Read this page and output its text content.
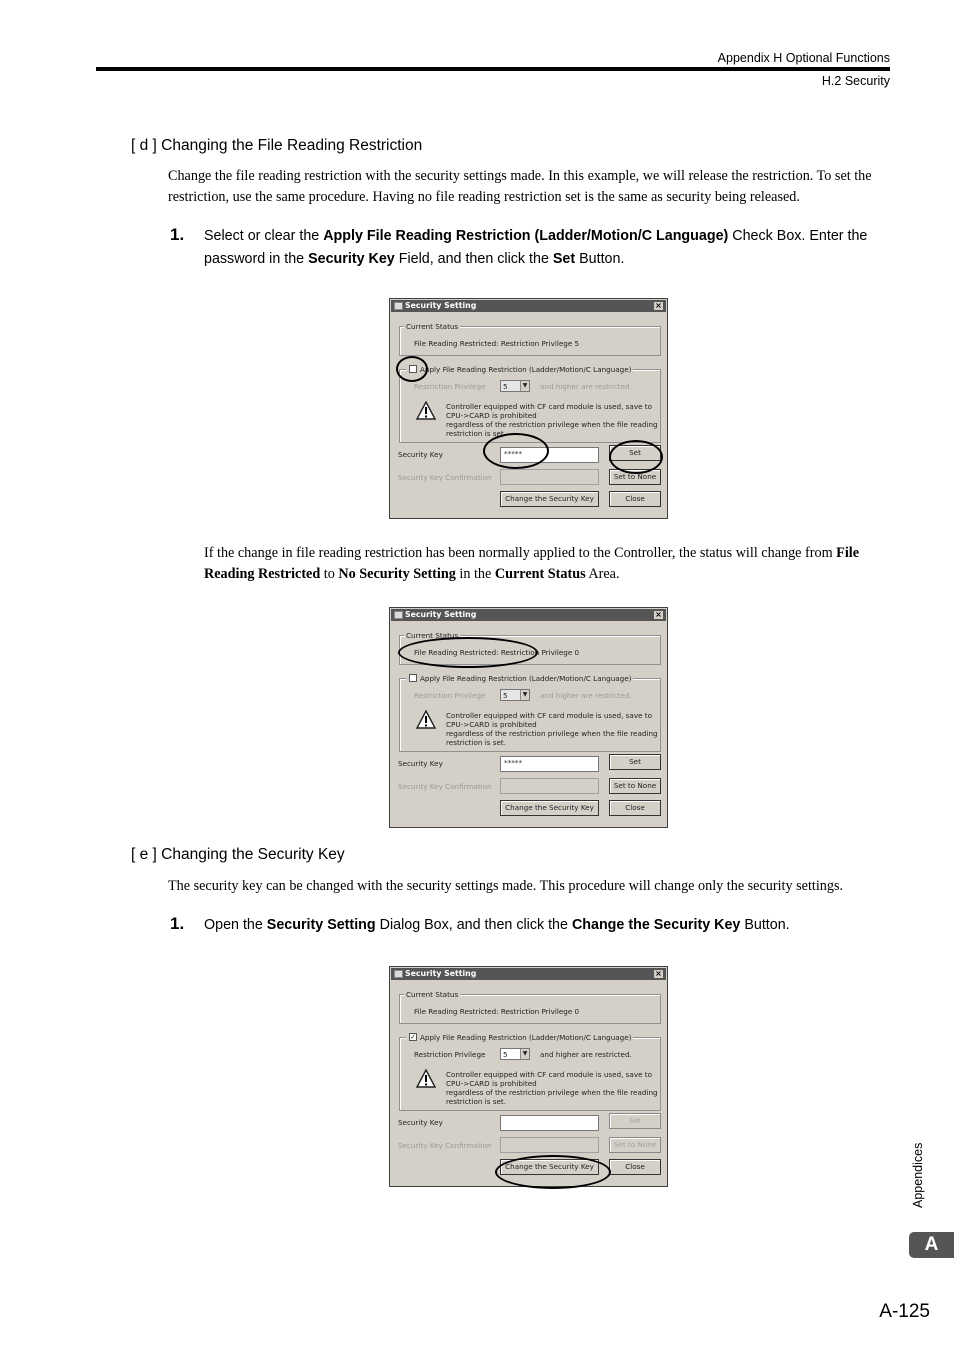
Appendix H Optional Functions
H.2 Security
[ d ] Changing the File Reading Restriction
Change the file reading restriction with the security settings made. In this example, we will release the restriction. To set the restriction, use the same procedure. Having no file reading restriction set is the same as security being released.
1. Select or clear the Apply File Reading Restriction (Ladder/Motion/C Language) Check Box. Enter the password in the Security Key Field, and then click the Set Button.
Security Setting	×
Current Status
File Reading Restricted: Restriction Privilege 5
Apply File Reading Restriction (Ladder/Motion/C Language)
Restriction Privilege 5	▼ and higher are restricted.
Controller equipped with CF card module is used, save to
CPU->CARD is prohibited
regardless of the restriction privilege when the file reading
restriction is set.
Security Key	*****	Set
Security Key Confirmation	Set to None
Change the Security Key	Close
If the change in file reading restriction has been normally applied to the Controller, the status will change from File Reading Restricted to No Security Setting in the Current Status Area.
Security Setting	×
Current Status
File Reading Restricted: Restriction Privilege 0
Apply File Reading Restriction (Ladder/Motion/C Language)
Restriction Privilege 5	▼ and higher are restricted.
Controller equipped with CF card module is used, save to
CPU->CARD is prohibited
regardless of the restriction privilege when the file reading
restriction is set.
Security Key	*****	Set
Security Key Confirmation	Set to None
Change the Security Key	Close
[ e ] Changing the Security Key
The security key can be changed with the security settings made. This procedure will change only the security settings.
1. Open the Security Setting Dialog Box, and then click the Change the Security Key Button.
Security Setting	×
Current Status
File Reading Restricted: Restriction Privilege 0
Apply File Reading Restriction (Ladder/Motion/C Language)
✓
Restriction Privilege 5	▼ and higher are restricted.
Controller equipped with CF card module is used, save to
CPU->CARD is prohibited
regardless of the restriction privilege when the file reading
restriction is set.
Security Key	Set
Security Key Confirmation	Set to None
Change the Security Key	Close	Appendices
A
A-125
